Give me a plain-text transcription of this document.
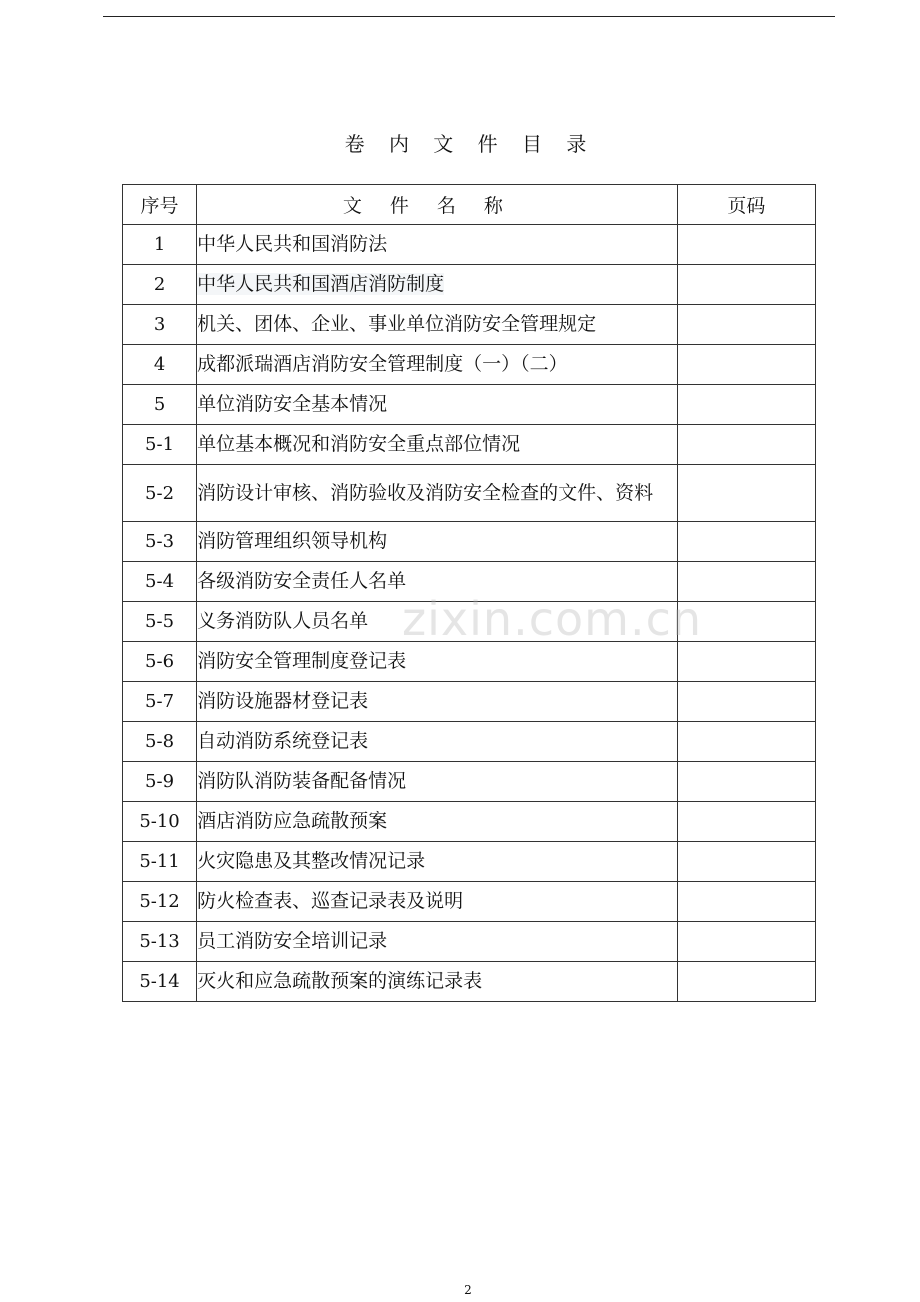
卷 内 文 件 目 录
序号	文件名称	页码
1	中华人民共和国消防法	
2	中华人民共和国酒店消防制度	
3	机关、团体、企业、事业单位消防安全管理规定	
4	成都派瑞酒店消防安全管理制度（一）（二）	
5	单位消防安全基本情况	
5-1	单位基本概况和消防安全重点部位情况	
5-2	消防设计审核、消防验收及消防安全检查的文件、资料	
5-3	消防管理组织领导机构	
5-4	各级消防安全责任人名单	
5-5	义务消防队人员名单	
5-6	消防安全管理制度登记表	
5-7	消防设施器材登记表	
5-8	自动消防系统登记表	
5-9	消防队消防装备配备情况	
5-10	酒店消防应急疏散预案	
5-11	火灾隐患及其整改情况记录	
5-12	防火检查表、巡查记录表及说明	
5-13	员工消防安全培训记录	
5-14	灭火和应急疏散预案的演练记录表	
zixin.com.cn
2
